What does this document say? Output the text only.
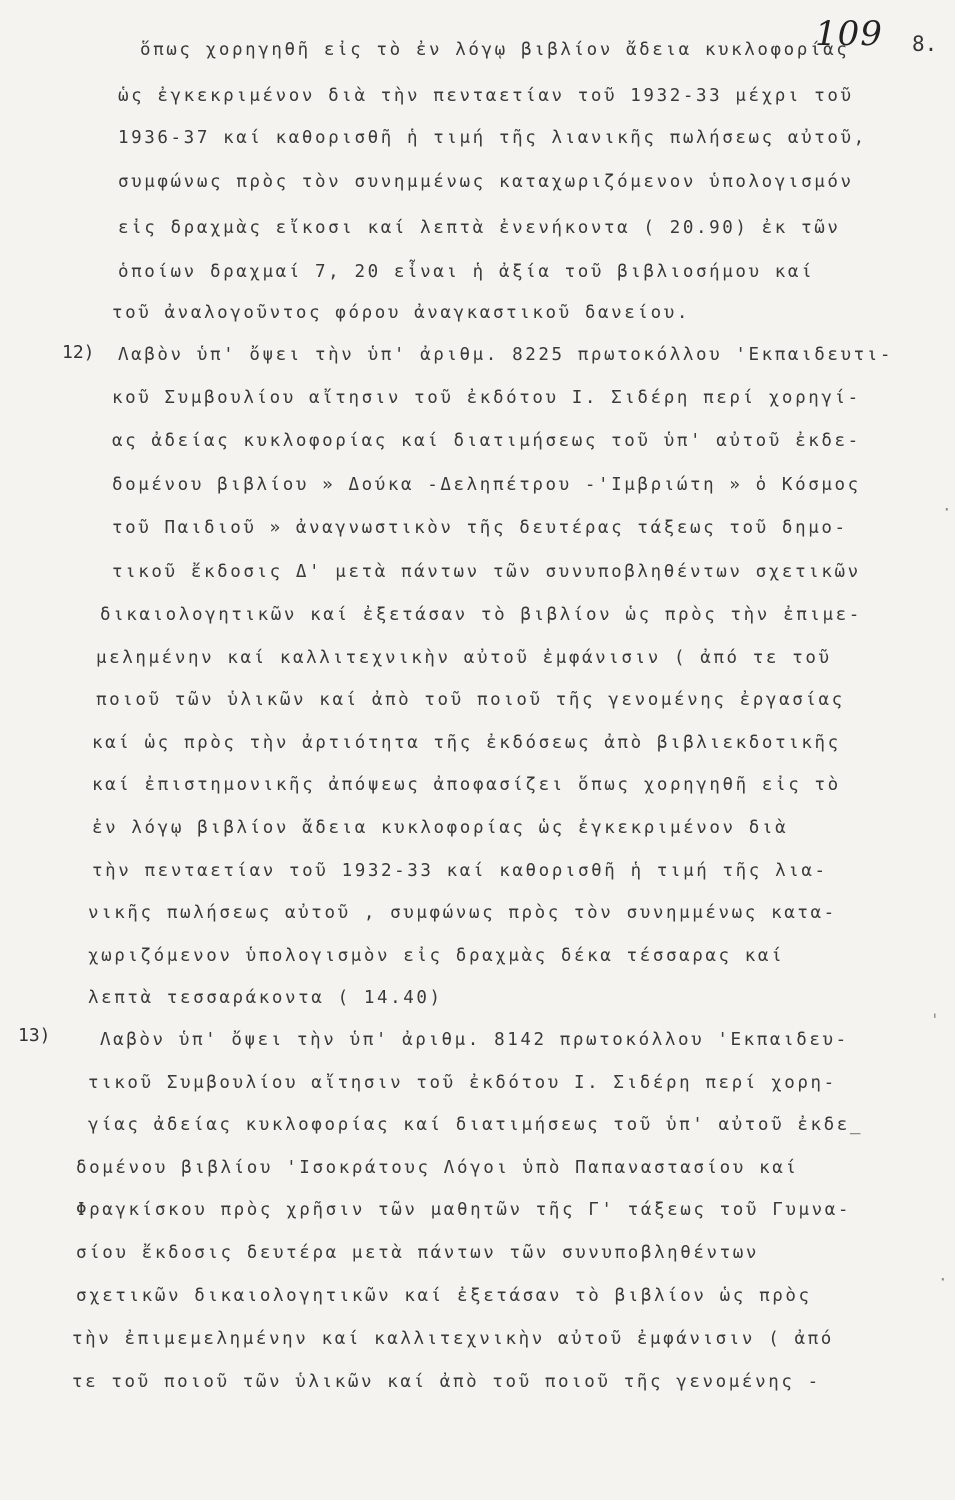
109 8.
12)
13)
ὅπως χορηγηθῆ εἰς τὸ ἐν λόγῳ βιβλίον ἄδεια κυκλοφορίας
ὡς ἐγκεκριμένον διὰ τὴν πενταετίαν τοῦ 1932-33 μέχρι τοῦ
1936-37 καί καθορισθῆ ἡ τιμή τῆς λιανικῆς πωλήσεως αὐτοῦ,
συμφώνως πρὸς τὸν συνημμένως καταχωριζόμενον ὑπολογισμόν
εἰς δραχμὰς εἴκοσι καί λεπτὰ ἐνενήκοντα ( 20.90) ἐκ τῶν
ὁποίων δραχμαί 7, 20 εἶναι ἡ ἀξία τοῦ βιβλιοσήμου καί
τοῦ ἀναλογοῦντος φόρου ἀναγκαστικοῦ δανείου.
Λαβὸν ὑπ' ὄψει τὴν ὑπ' ἀριθμ. 8225 πρωτοκόλλου 'Εκπαιδευτι-
κοῦ Συμβουλίου αἴτησιν τοῦ ἐκδότου Ι. Σιδέρη περί χορηγί-
ας ἀδείας κυκλοφορίας καί διατιμήσεως τοῦ ὑπ' αὐτοῦ ἐκδε-
δομένου βιβλίου » Δούκα -Δεληπέτρου -'Ιμβριώτη » ὁ Κόσμος
τοῦ Παιδιοῦ » ἀναγνωστικὸν τῆς δευτέρας τάξεως τοῦ δημο-
τικοῦ ἔκδοσις Δ' μετὰ πάντων τῶν συνυποβληθέντων σχετικῶν
δικαιολογητικῶν καί ἐξετάσαν τὸ βιβλίον ὡς πρὸς τὴν ἐπιμε-
μελημένην καί καλλιτεχνικὴν αὐτοῦ ἐμφάνισιν ( ἀπό τε τοῦ
ποιοῦ τῶν ὑλικῶν καί ἀπὸ τοῦ ποιοῦ τῆς γενομένης ἐργασίας
καί ὡς πρὸς τὴν ἀρτιότητα τῆς ἐκδόσεως ἀπὸ βιβλιεκδοτικῆς
καί ἐπιστημονικῆς ἀπόψεως ἀποφασίζει ὅπως χορηγηθῆ εἰς τὸ
ἐν λόγῳ βιβλίον ἄδεια κυκλοφορίας ὡς ἐγκεκριμένον διὰ
τὴν πενταετίαν τοῦ 1932-33 καί καθορισθῆ ἡ τιμή τῆς λια-
νικῆς πωλήσεως αὐτοῦ , συμφώνως πρὸς τὸν συνημμένως κατα-
χωριζόμενον ὑπολογισμὸν εἰς δραχμὰς δέκα τέσσαρας καί
λεπτὰ τεσσαράκοντα ( 14.40)
Λαβὸν ὑπ' ὄψει τὴν ὑπ' ἀριθμ. 8142 πρωτοκόλλου 'Εκπαιδευ-
τικοῦ Συμβουλίου αἴτησιν τοῦ ἐκδότου Ι. Σιδέρη περί χορη-
γίας ἀδείας κυκλοφορίας καί διατιμήσεως τοῦ ὑπ' αὐτοῦ ἐκδε_
δομένου βιβλίου 'Ισοκράτους Λόγοι ὑπὸ Παπαναστασίου καί
Φραγκίσκου πρὸς χρῆσιν τῶν μαθητῶν τῆς Γ' τάξεως τοῦ Γυμνα-
σίου ἔκδοσις δευτέρα μετὰ πάντων τῶν συνυποβληθέντων
σχετικῶν δικαιολογητικῶν καί ἐξετάσαν τὸ βιβλίον ὡς πρὸς
τὴν ἐπιμεμελημένην καί καλλιτεχνικὴν αὐτοῦ ἐμφάνισιν ( ἀπό
τε τοῦ ποιοῦ τῶν ὑλικῶν καί ἀπὸ τοῦ ποιοῦ τῆς γενομένης -
'
·
·
